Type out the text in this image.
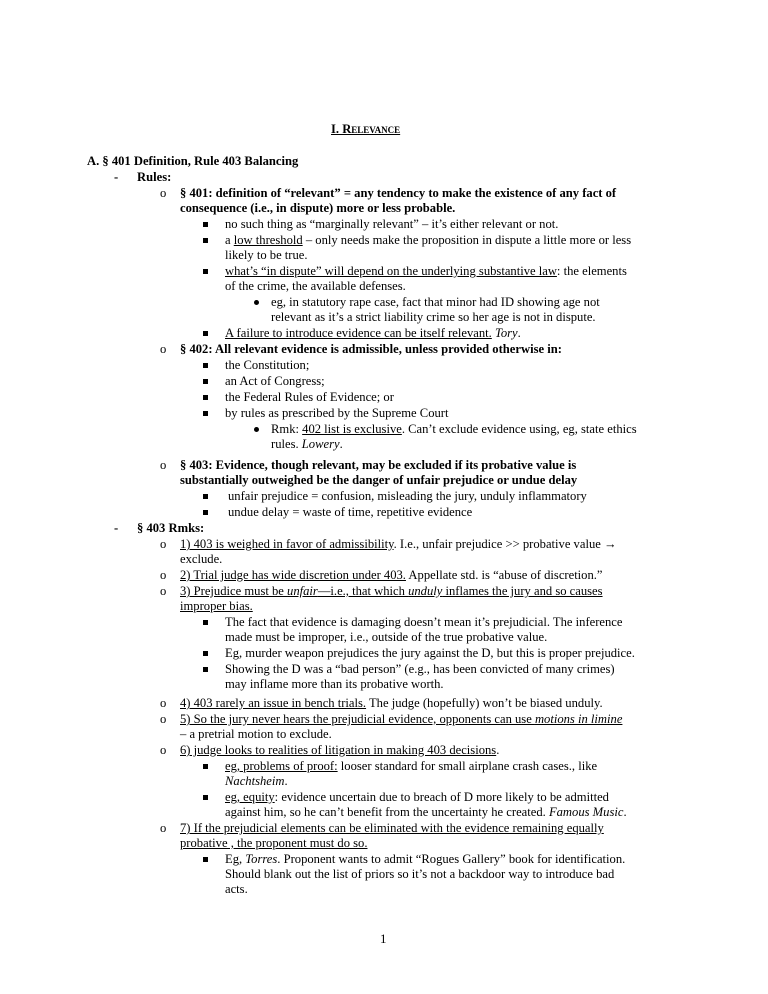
I. Relevance
A. § 401 Definition, Rule 403 Balancing
- Rules:
o § 401: definition of “relevant” = any tendency to make the existence of any fact of
consequence (i.e., in dispute) more or less probable.
no such thing as “marginally relevant” – it’s either relevant or not.
a low threshold – only needs make the proposition in dispute a little more or less
likely to be true.
what’s “in dispute” will depend on the underlying substantive law: the elements
of the crime, the available defenses.
eg, in statutory rape case, fact that minor had ID showing age not
relevant as it’s a strict liability crime so her age is not in dispute.
A failure to introduce evidence can be itself relevant. Tory.
o § 402: All relevant evidence is admissible, unless provided otherwise in:
the Constitution;
an Act of Congress;
the Federal Rules of Evidence; or
by rules as prescribed by the Supreme Court
Rmk: 402 list is exclusive. Can’t exclude evidence using, eg, state ethics
rules. Lowery.
o § 403: Evidence, though relevant, may be excluded if its probative value is
substantially outweighed be the danger of unfair prejudice or undue delay
unfair prejudice = confusion, misleading the jury, unduly inflammatory
undue delay = waste of time, repetitive evidence
- § 403 Rmks:
o 1) 403 is weighed in favor of admissibility. I.e., unfair prejudice >> probative value →
exclude.
o 2) Trial judge has wide discretion under 403. Appellate std. is “abuse of discretion.”
o 3) Prejudice must be unfair—i.e., that which unduly inflames the jury and so causes
improper bias.
The fact that evidence is damaging doesn’t mean it’s prejudicial. The inference
made must be improper, i.e., outside of the true probative value.
Eg, murder weapon prejudices the jury against the D, but this is proper prejudice.
Showing the D was a “bad person” (e.g., has been convicted of many crimes)
may inflame more than its probative worth.
o 4) 403 rarely an issue in bench trials. The judge (hopefully) won’t be biased unduly.
o 5) So the jury never hears the prejudicial evidence, opponents can use motions in limine
– a pretrial motion to exclude.
o 6) judge looks to realities of litigation in making 403 decisions.
eg, problems of proof: looser standard for small airplane crash cases., like
Nachtsheim.
eg, equity: evidence uncertain due to breach of D more likely to be admitted
against him, so he can’t benefit from the uncertainty he created. Famous Music.
o 7) If the prejudicial elements can be eliminated with the evidence remaining equally
probative , the proponent must do so.
Eg, Torres. Proponent wants to admit “Rogues Gallery” book for identification.
Should blank out the list of priors so it’s not a backdoor way to introduce bad
acts.
1
